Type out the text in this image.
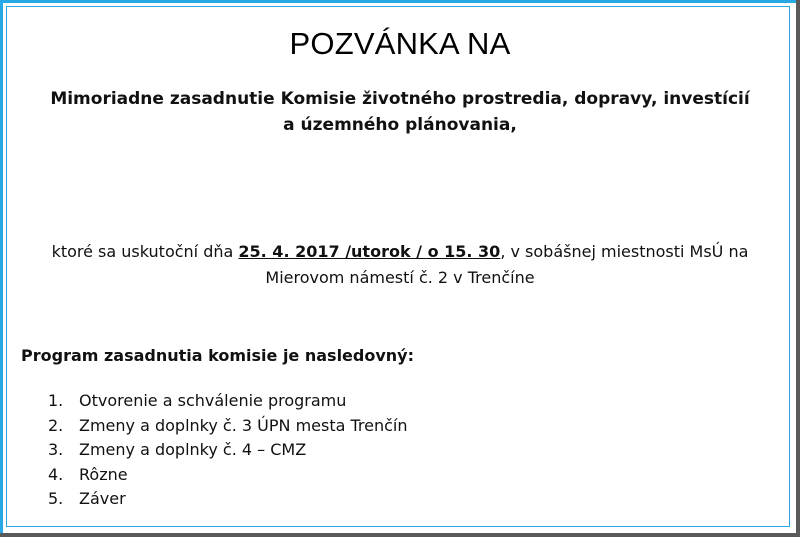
POZVÁNKA NA
Mimoriadne zasadnutie Komisie životného prostredia, dopravy, investícií
a územného plánovania,
ktoré sa uskutoční dňa 25. 4. 2017 /utorok / o 15. 30, v sobášnej miestnosti MsÚ na
Mierovom námestí č. 2 v Trenčíne
Program zasadnutia komisie je nasledovný:
1. Otvorenie a schválenie programu
2. Zmeny a doplnky č. 3 ÚPN mesta Trenčín
3. Zmeny a doplnky č. 4 – CMZ
4. Rôzne
5. Záver
